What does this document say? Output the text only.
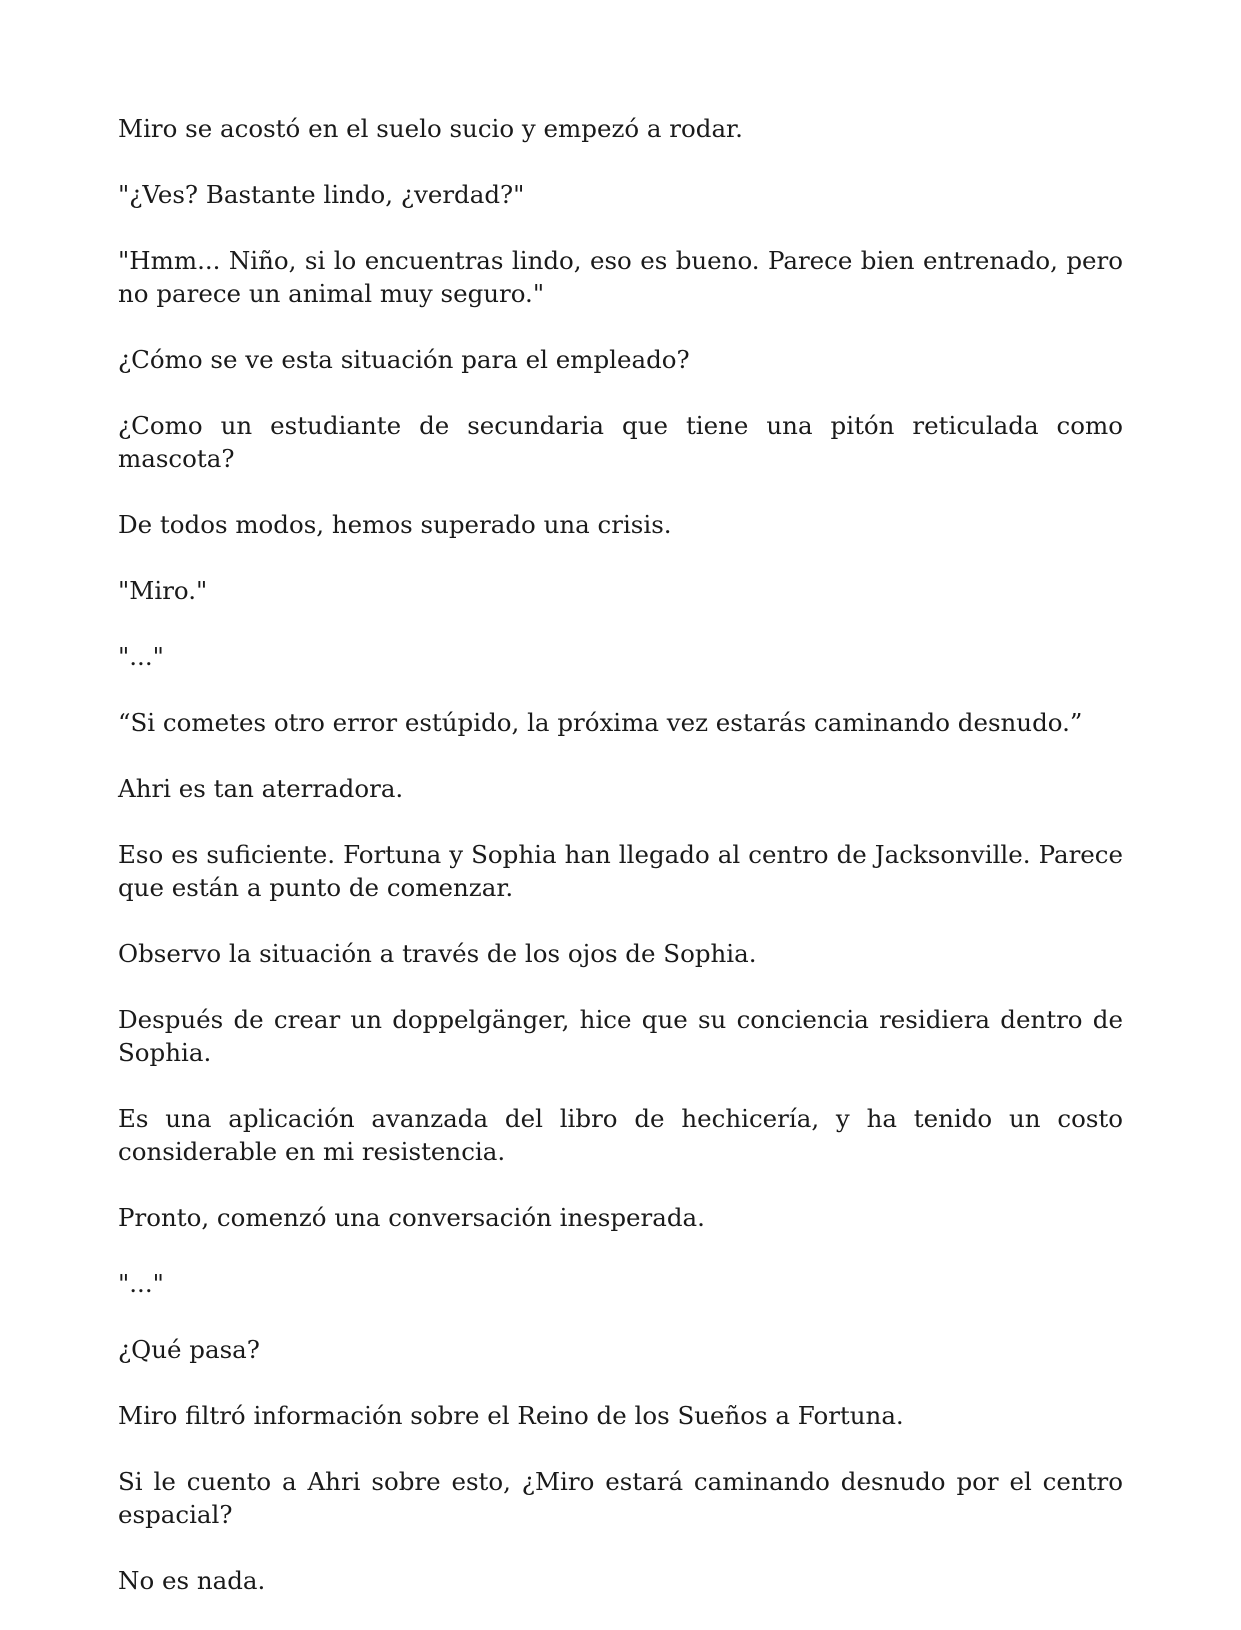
Miro se acostó en el suelo sucio y empezó a rodar.

"¿Ves? Bastante lindo, ¿verdad?"

"Hmm... Niño, si lo encuentras lindo, eso es bueno. Parece bien entrenado, pero no parece un animal muy seguro."

¿Cómo se ve esta situación para el empleado?

¿Como un estudiante de secundaria que tiene una pitón reticulada como mascota?

De todos modos, hemos superado una crisis.

"Miro."

"..."

“Si cometes otro error estúpido, la próxima vez estarás caminando desnudo.”

Ahri es tan aterradora.

Eso es suficiente. Fortuna y Sophia han llegado al centro de Jacksonville. Parece que están a punto de comenzar.

Observo la situación a través de los ojos de Sophia.

Después de crear un doppelgänger, hice que su conciencia residiera dentro de Sophia.

Es una aplicación avanzada del libro de hechicería, y ha tenido un costo considerable en mi resistencia.

Pronto, comenzó una conversación inesperada.

"..."

¿Qué pasa?

Miro filtró información sobre el Reino de los Sueños a Fortuna.

Si le cuento a Ahri sobre esto, ¿Miro estará caminando desnudo por el centro espacial?

No es nada.
